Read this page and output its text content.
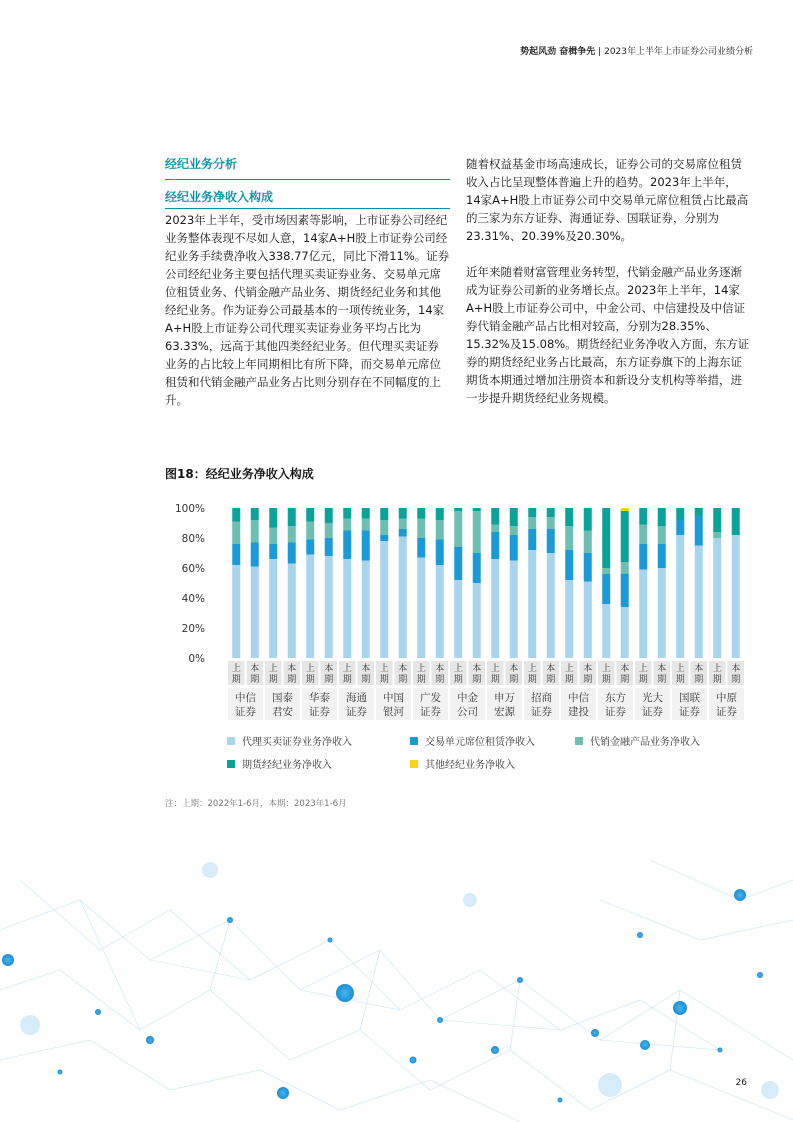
势起风劲 奋楫争先 | 2023年上半年上市证券公司业绩分析
经纪业务分析
经纪业务净收入构成

2023年上半年，受市场因素等影响，上市证券公司经纪业务整体表现不尽如人意，14家A+H股上市证券公司经纪业务手续费净收入338.77亿元，同比下滑11%。证券公司经纪业务主要包括代理买卖证券业务、交易单元席位租赁业务、代销金融产品业务、期货经纪业务和其他经纪业务。作为证券公司最基本的一项传统业务，14家A+H股上市证券公司代理买卖证券业务平均占比为63.33%，远高于其他四类经纪业务。但代理买卖证券业务的占比较上年同期相比有所下降，而交易单元席位租赁和代销金融产品业务占比则分别存在不同幅度的上升。

随着权益基金市场高速成长，证券公司的交易席位租赁收入占比呈现整体普遍上升的趋势。2023年上半年，14家A+H股上市证券公司中交易单元席位租赁占比最高的三家为东方证券、海通证券、国联证券，分别为23.31%、20.39%及20.30%。

近年来随着财富管理业务转型，代销金融产品业务逐渐成为证券公司新的业务增长点。2023年上半年，14家A+H股上市证券公司中，中金公司、中信建投及中信证券代销金融产品占比相对较高，分别为28.35%、15.32%及15.08%。期货经纪业务净收入方面，东方证券的期货经纪业务占比最高，东方证券旗下的上海东证期货本期通过增加注册资本和新设分支机构等举措，进一步提升期货经纪业务规模。

图18：经纪业务净收入构成
0%
20%
40%
60%
80%
100%
上
期
本
期
上
期
本
期
上
期
本
期
上
期
本
期
上
期
本
期
上
期
本
期
上
期
本
期
上
期
本
期
上
期
本
期
上
期
本
期
上
期
本
期
上
期
本
期
上
期
本
期
上
期
本
期
中信
证券
国泰
君安
华泰
证券
海通
证券
中国
银河
广发
证券
中金
公司
申万
宏源
招商
证券
中信
建投
东方
证券
光大
证券
国联
证券
中原
证券
代理买卖证券业务净收入	交易单元席位租赁净收入	代销金融产品业务净收入
期货经纪业务净收入	其他经纪业务净收入
注：上期：2022年1-6月，本期：2023年1-6月
26
